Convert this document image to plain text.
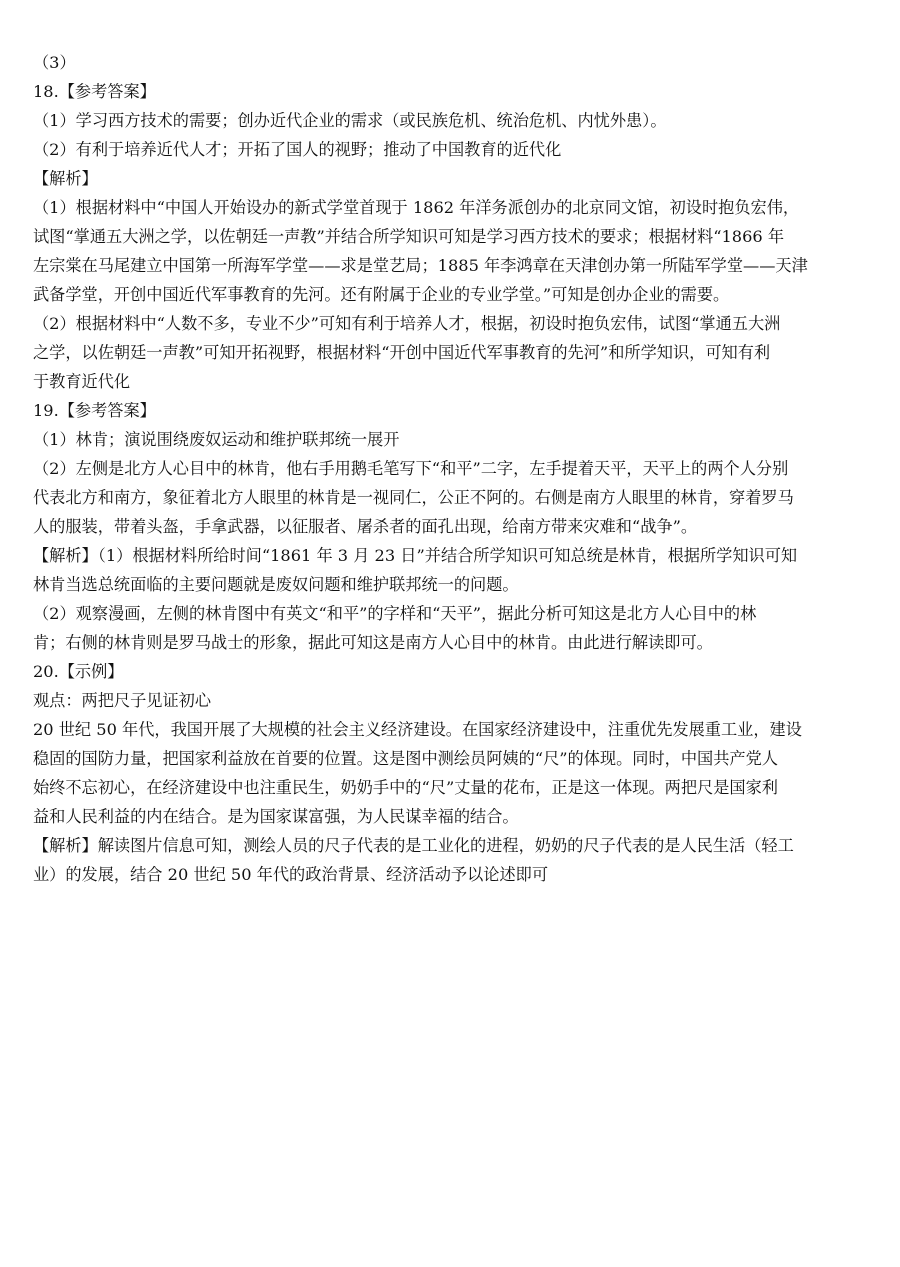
（3）
18.【参考答案】
（1）学习西方技术的需要；创办近代企业的需求（或民族危机、统治危机、内忧外患）。
（2）有利于培养近代人才；开拓了国人的视野；推动了中国教育的近代化
【解析】
（1）根据材料中“中国人开始设办的新式学堂首现于 1862 年洋务派创办的北京同文馆，初设时抱负宏伟，
试图“掌通五大洲之学，以佐朝廷一声教”并结合所学知识可知是学习西方技术的要求；根据材料“1866 年
左宗棠在马尾建立中国第一所海军学堂——求是堂艺局；1885 年李鸿章在天津创办第一所陆军学堂——天津
武备学堂，开创中国近代军事教育的先河。还有附属于企业的专业学堂。”可知是创办企业的需要。
（2）根据材料中“人数不多，专业不少”可知有利于培养人才，根据，初设时抱负宏伟，试图“掌通五大洲
之学，以佐朝廷一声教”可知开拓视野，根据材料“开创中国近代军事教育的先河”和所学知识，可知有利
于教育近代化
19.【参考答案】
（1）林肯；演说围绕废奴运动和维护联邦统一展开
（2）左侧是北方人心目中的林肯，他右手用鹅毛笔写下“和平”二字，左手提着天平，天平上的两个人分别
代表北方和南方，象征着北方人眼里的林肯是一视同仁，公正不阿的。右侧是南方人眼里的林肯，穿着罗马
人的服装，带着头盔，手拿武器，以征服者、屠杀者的面孔出现，给南方带来灾难和“战争”。
【解析】（1）根据材料所给时间“1861 年 3 月 23 日”并结合所学知识可知总统是林肯，根据所学知识可知
林肯当选总统面临的主要问题就是废奴问题和维护联邦统一的问题。
（2）观察漫画，左侧的林肯图中有英文“和平”的字样和“天平”，据此分析可知这是北方人心目中的林
肯；右侧的林肯则是罗马战士的形象，据此可知这是南方人心目中的林肯。由此进行解读即可。
20.【示例】
观点：两把尺子见证初心
20 世纪 50 年代，我国开展了大规模的社会主义经济建设。在国家经济建设中，注重优先发展重工业，建设
稳固的国防力量，把国家利益放在首要的位置。这是图中测绘员阿姨的“尺”的体现。同时，中国共产党人
始终不忘初心，在经济建设中也注重民生，奶奶手中的“尺”丈量的花布，正是这一体现。两把尺是国家利
益和人民利益的内在结合。是为国家谋富强，为人民谋幸福的结合。
【解析】解读图片信息可知，测绘人员的尺子代表的是工业化的进程，奶奶的尺子代表的是人民生活（轻工
业）的发展，结合 20 世纪 50 年代的政治背景、经济活动予以论述即可
